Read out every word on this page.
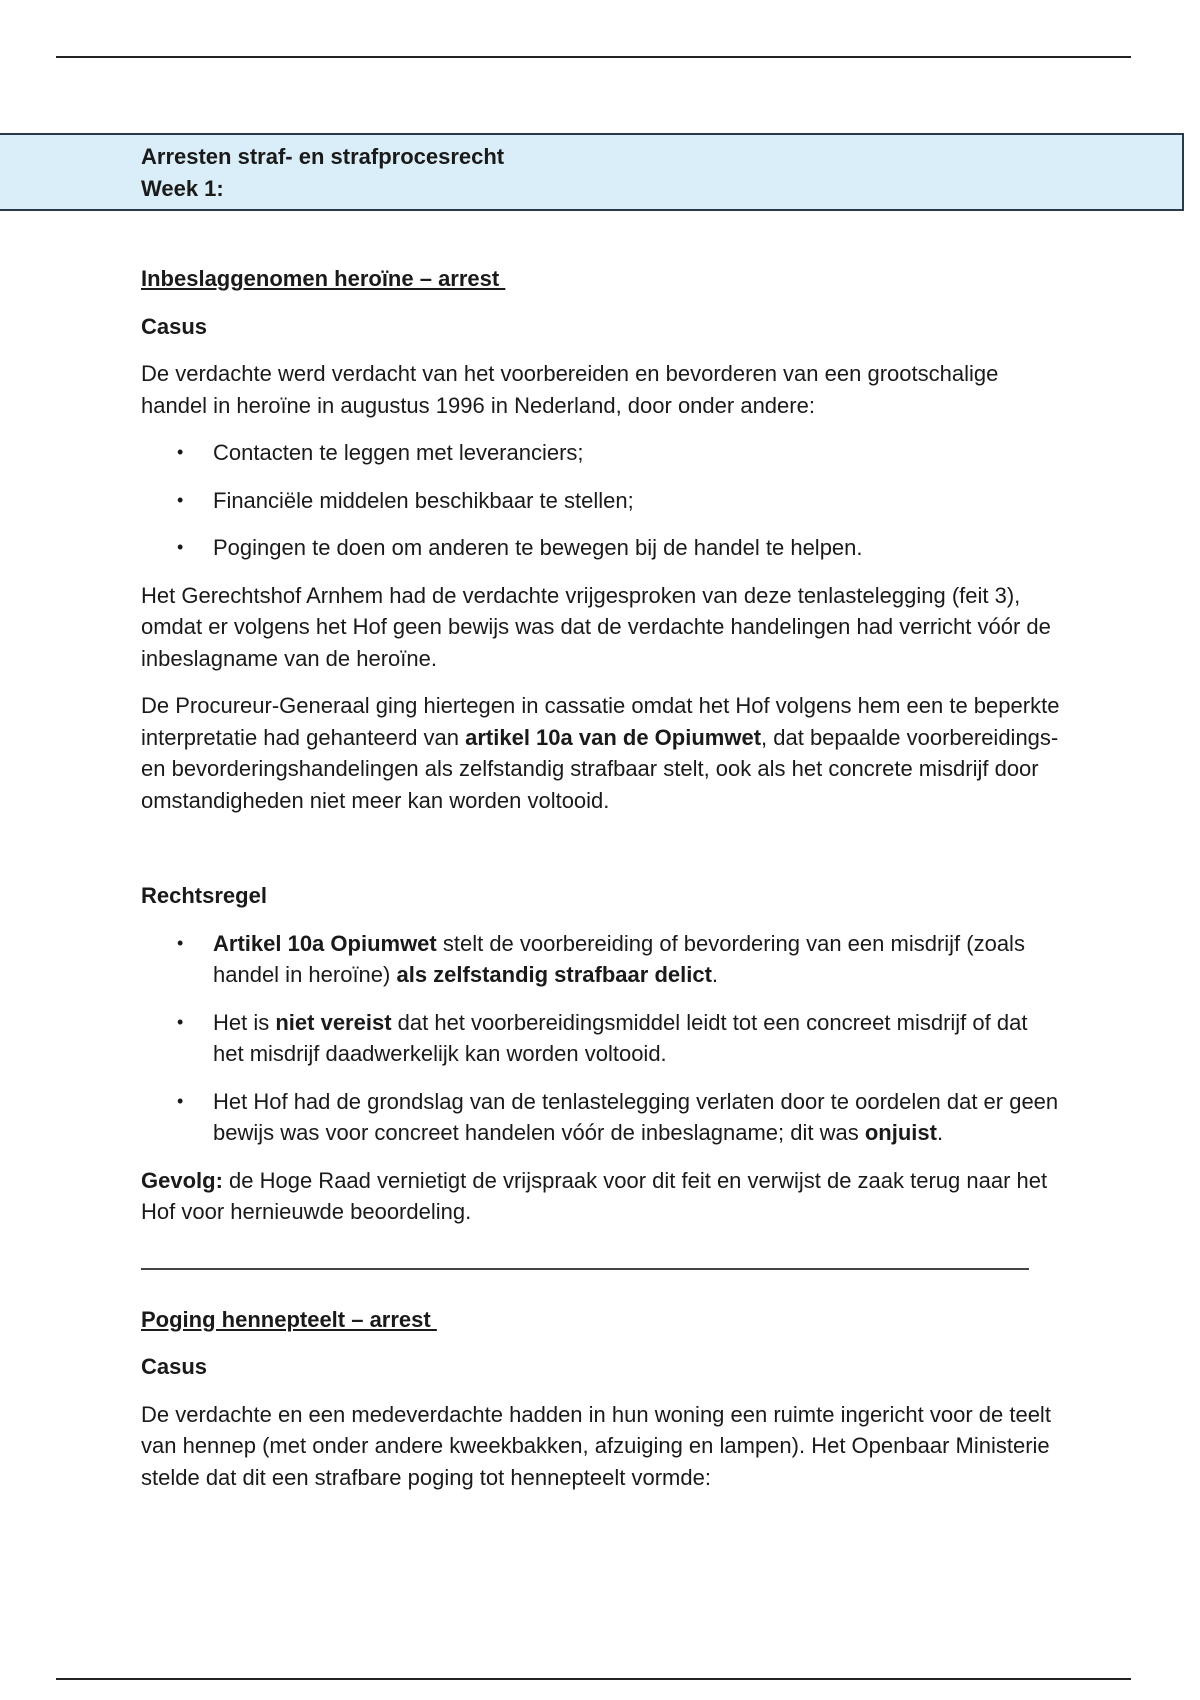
Arresten straf- en strafprocesrecht
Week 1:

Inbeslaggenomen heroïne – arrest

Casus

De verdachte werd verdacht van het voorbereiden en bevorderen van een grootschalige handel in heroïne in augustus 1996 in Nederland, door onder andere:

• Contacten te leggen met leveranciers;
• Financiële middelen beschikbaar te stellen;
• Pogingen te doen om anderen te bewegen bij de handel te helpen.

Het Gerechtshof Arnhem had de verdachte vrijgesproken van deze tenlastelegging (feit 3), omdat er volgens het Hof geen bewijs was dat de verdachte handelingen had verricht vóór de inbeslagname van de heroïne.

De Procureur-Generaal ging hiertegen in cassatie omdat het Hof volgens hem een te beperkte interpretatie had gehanteerd van artikel 10a van de Opiumwet, dat bepaalde voorbereidings- en bevorderingshandelingen als zelfstandig strafbaar stelt, ook als het concrete misdrijf door omstandigheden niet meer kan worden voltooid.

Rechtsregel

• Artikel 10a Opiumwet stelt de voorbereiding of bevordering van een misdrijf (zoals handel in heroïne) als zelfstandig strafbaar delict.
• Het is niet vereist dat het voorbereidingsmiddel leidt tot een concreet misdrijf of dat het misdrijf daadwerkelijk kan worden voltooid.
• Het Hof had de grondslag van de tenlastelegging verlaten door te oordelen dat er geen bewijs was voor concreet handelen vóór de inbeslagname; dit was onjuist.

Gevolg: de Hoge Raad vernietigt de vrijspraak voor dit feit en verwijst de zaak terug naar het Hof voor hernieuwde beoordeling.

Poging hennepteelt – arrest

Casus

De verdachte en een medeverdachte hadden in hun woning een ruimte ingericht voor de teelt van hennep (met onder andere kweekbakken, afzuiging en lampen). Het Openbaar Ministerie stelde dat dit een strafbare poging tot hennepteelt vormde:
